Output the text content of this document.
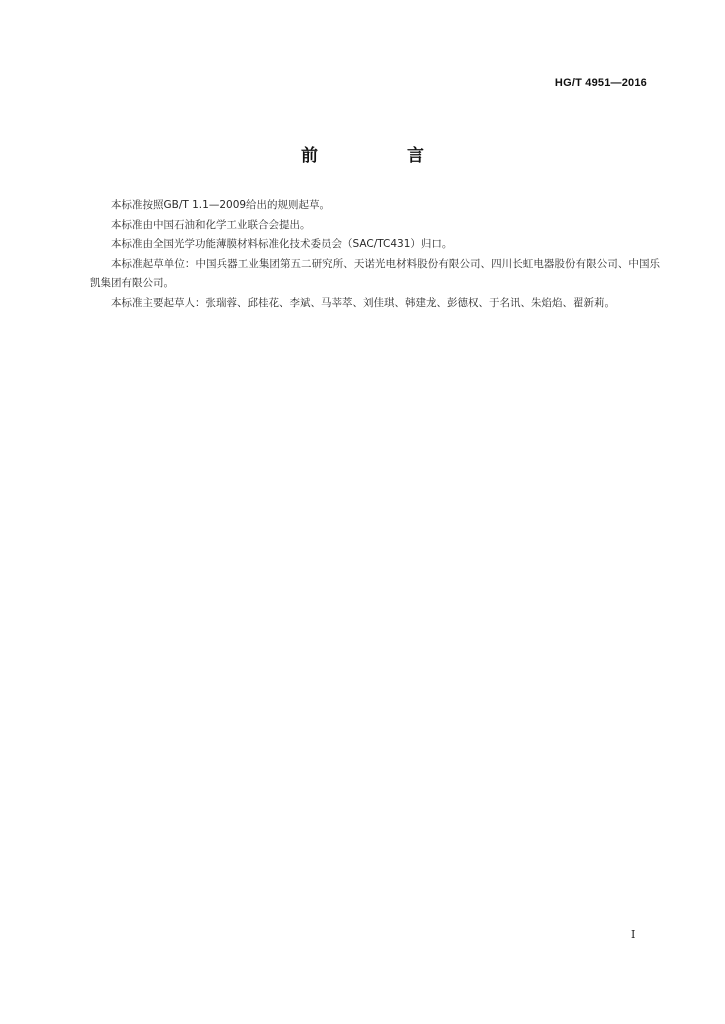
HG/T 4951—2016
前　言

本标准按照GB/T 1.1—2009给出的规则起草。

本标准由中国石油和化学工业联合会提出。

本标准由全国光学功能薄膜材料标准化技术委员会（SAC/TC431）归口。

本标准起草单位：中国兵器工业集团第五二研究所、天诺光电材料股份有限公司、四川长虹电器股份有限公司、中国乐凯集团有限公司。

本标准主要起草人：张瑞蓉、邱桂花、李斌、马莘萃、刘佳琪、韩建龙、彭德权、于名讯、朱焰焰、翟新莉。

I
